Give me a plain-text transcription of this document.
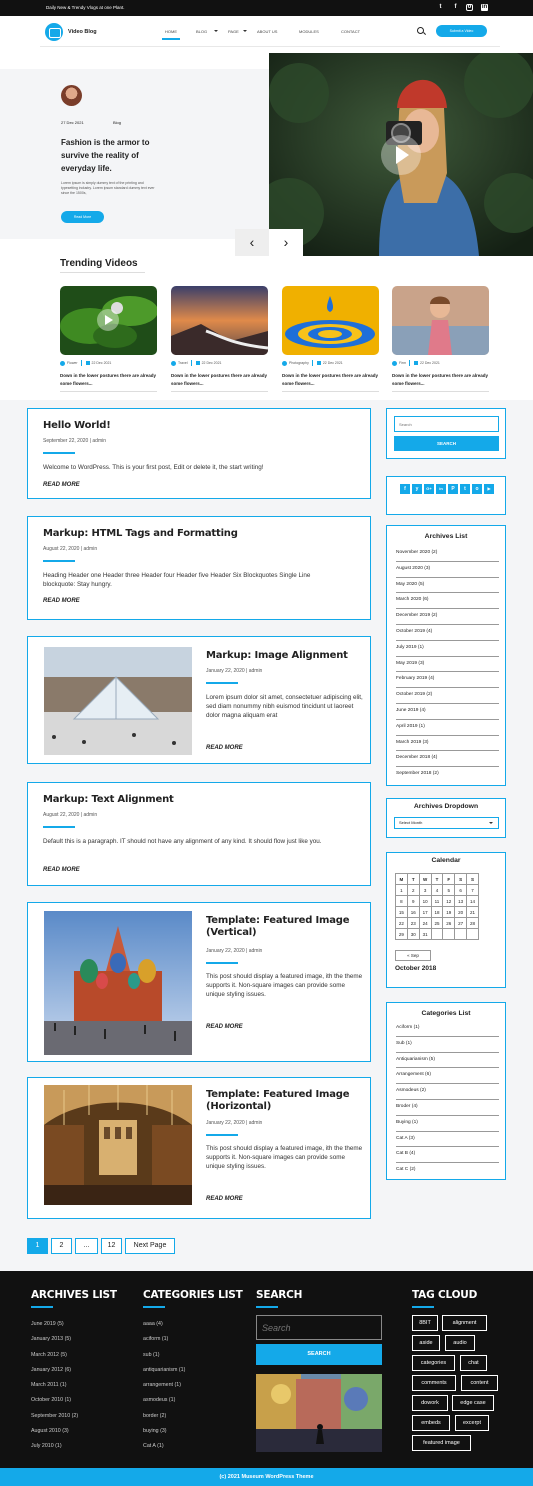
Daily New & Trendy Vlogs at one Plant.	t	f	o in
Video Blog	HOME	BLOG	PAGE	ABOUT US	MODULES	CONTACT	Submit a Video
27 Dec 2021	Blog
Fashion is the armor to survive the reality of everyday life.
Lorem ipsum is simply dummy text of the printing and typesetting industry. Lorem ipsum standard dummy text ever since the 1500s,
Read More
‹	›
Trending Videos
Flower	22 Dec 2021
Down in the lower postures there are already some flowers...
Travel	22 Dec 2021
Down in the lower postures there are already some flowers...
Photography	22 Dec 2021
Down in the lower postures there are already some flowers...
Firm	22 Dec 2021
Down in the lower postures there are already some flowers...
Hello World!
September 22, 2020 | admin
Welcome to WordPress. This is your first post, Edit or delete it, the start writing!
READ MORE
Markup: HTML Tags and Formatting
August 22, 2020 | admin
Heading Header one Header three Header four Header five Header Six Blockquotes Single Line blockquote: Stay hungry.
READ MORE
Markup: Image Alignment
January 22, 2020 | admin
Lorem ipsum dolor sit amet, consectetuer adipiscing elit, sed diam nonummy nibh euismod tincidunt ut laoreet dolor magna aliquam erat
READ MORE
Markup: Text Alignment
August 22, 2020 | admin
Default this is a paragraph. IT should not have any alignment of any kind. It should flow just like you.
READ MORE
Template: Featured Image (Vertical)
January 22, 2020 | admin
This post should display a featured image, ith the theme supports it. Non-square images can provide some unique styling issues.
READ MORE
Template: Featured Image (Horizontal)
January 22, 2020 | admin
This post should display a featured image, ith the theme supports it. Non-square images can provide some unique styling issues.
READ MORE
1	2	...	12	Next Page
Search
SEARCH
f y G+ in P t o ▶
Archives List
November 2020 (2)
August 2020 (3)
May 2020 (5)
March 2020 (6)
December 2019 (2)
October 2019 (4)
July 2019 (1)
May 2019 (3)
February 2019 (4)
October 2019 (2)
June 2019 (4)
April 2019 (1)
March 2019 (3)
December 2018 (4)
September 2018 (2)
Archives Dropdown
Select Month
Calendar
M	T	W	T	F	S	S
1	2	3	4	5	6	7
8	9	10	11	12	13	14
15	16	17	18	19	20	21
22	23	24	25	26	27	28
29	30	31				
« Sep
October 2018
Categories List
Aciform (1)
Sub (1)
Antiquarianism (5)
Arrangement (6)
Asmodeus (2)
Broder (4)
Buying (1)
Cat A (3)
Cat B (4)
Cat C (2)
ARCHIVES LIST
June 2019 (5)
January 2013 (5)
March 2012 (5)
January 2012 (6)
March 2011 (1)
October 2010 (1)
September 2010 (2)
August 2010 (3)
July 2010 (1)
CATEGORIES LIST
aaaa (4)
aciform (1)
sub (1)
antiquarianism (1)
arrangement (1)
asmodeus (1)
border (2)
buying (3)
Cat A (1)
SEARCH
Search
SEARCH
TAG CLOUD
8BIT	alignment
aside	audio
categories	chat
comments	content
dowork	edge case
embeds	excerpt
featured image
(c) 2021 Museum WordPress Theme
